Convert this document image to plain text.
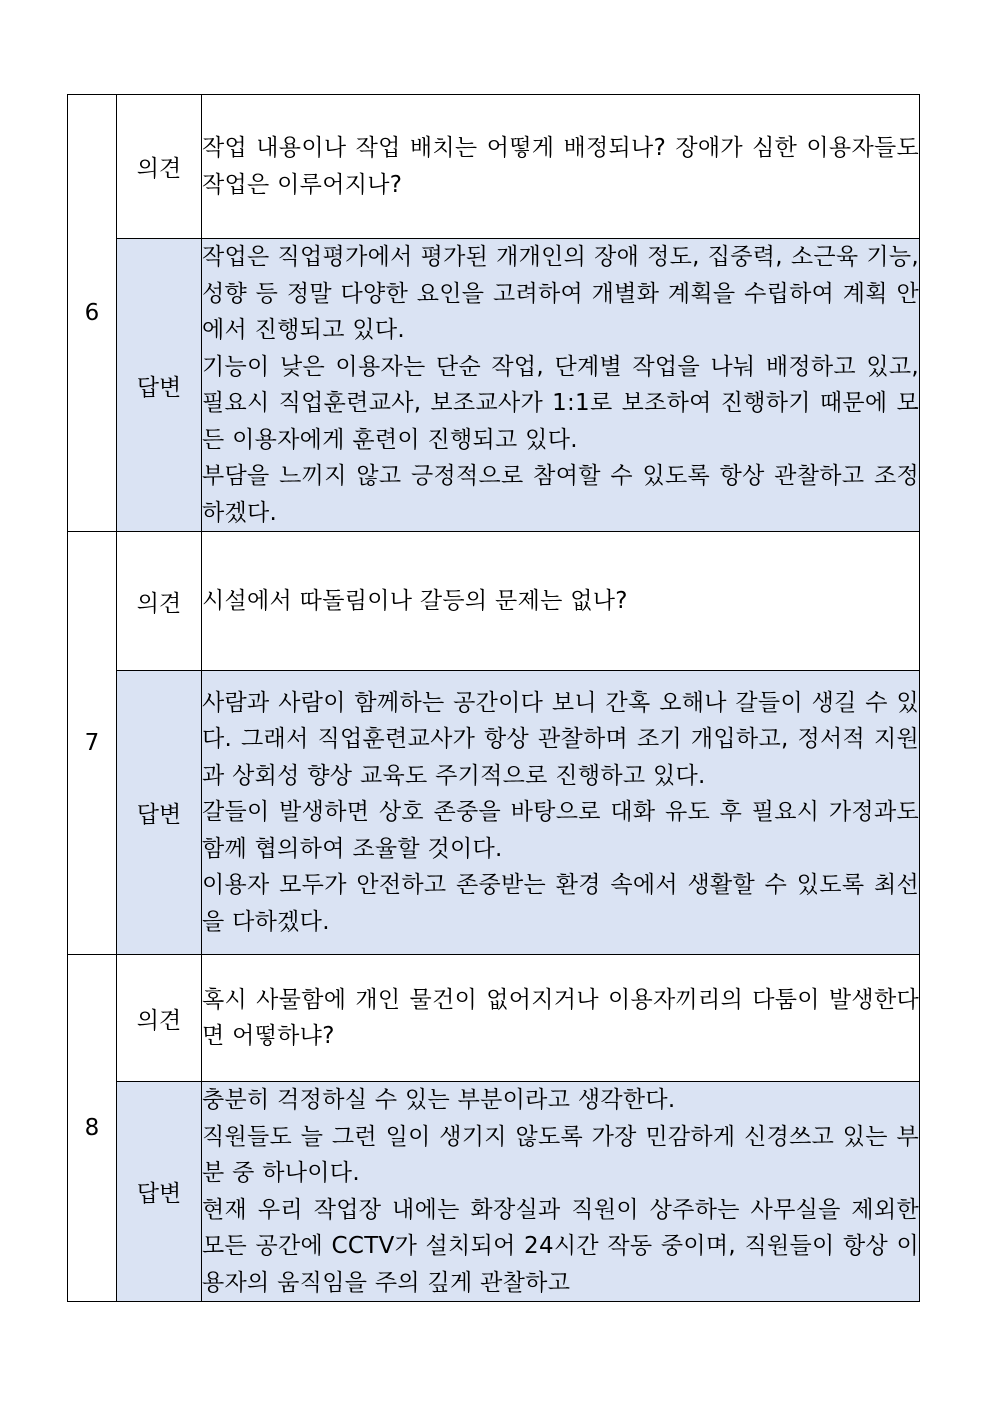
6	의견	작업 내용이나 작업 배치는 어떻게 배정되나? 장애가 심한 이용자들도 작업은 이루어지나?
	답변	작업은 직업평가에서 평가된 개개인의 장애 정도, 집중력, 소근육 기능, 성향 등 정말 다양한 요인을 고려하여 개별화 계획을 수립하여 계획 안에서 진행되고 있다.
기능이 낮은 이용자는 단순 작업, 단계별 작업을 나눠 배정하고 있고, 필요시 직업훈련교사, 보조교사가 1:1로 보조하여 진행하기 때문에 모든 이용자에게 훈련이 진행되고 있다.
부담을 느끼지 않고 긍정적으로 참여할 수 있도록 항상 관찰하고 조정하겠다.

7	의견	시설에서 따돌림이나 갈등의 문제는 없나?
	답변	사람과 사람이 함께하는 공간이다 보니 간혹 오해나 갈들이 생길 수 있다. 그래서 직업훈련교사가 항상 관찰하며 조기 개입하고, 정서적 지원과 상회성 향상 교육도 주기적으로 진행하고 있다.
갈들이 발생하면 상호 존중을 바탕으로 대화 유도 후 필요시 가정과도 함께 협의하여 조율할 것이다.
이용자 모두가 안전하고 존중받는 환경 속에서 생활할 수 있도록 최선을 다하겠다.

8	의견	혹시 사물함에 개인 물건이 없어지거나 이용자끼리의 다툼이 발생한다면 어떻하냐?
	답변	충분히 걱정하실 수 있는 부분이라고 생각한다.
직원들도 늘 그런 일이 생기지 않도록 가장 민감하게 신경쓰고 있는 부분 중 하나이다.
현재 우리 작업장 내에는 화장실과 직원이 상주하는 사무실을 제외한 모든 공간에 CCTV가 설치되어 24시간 작동 중이며, 직원들이 항상 이용자의 움직임을 주의 깊게 관찰하고
